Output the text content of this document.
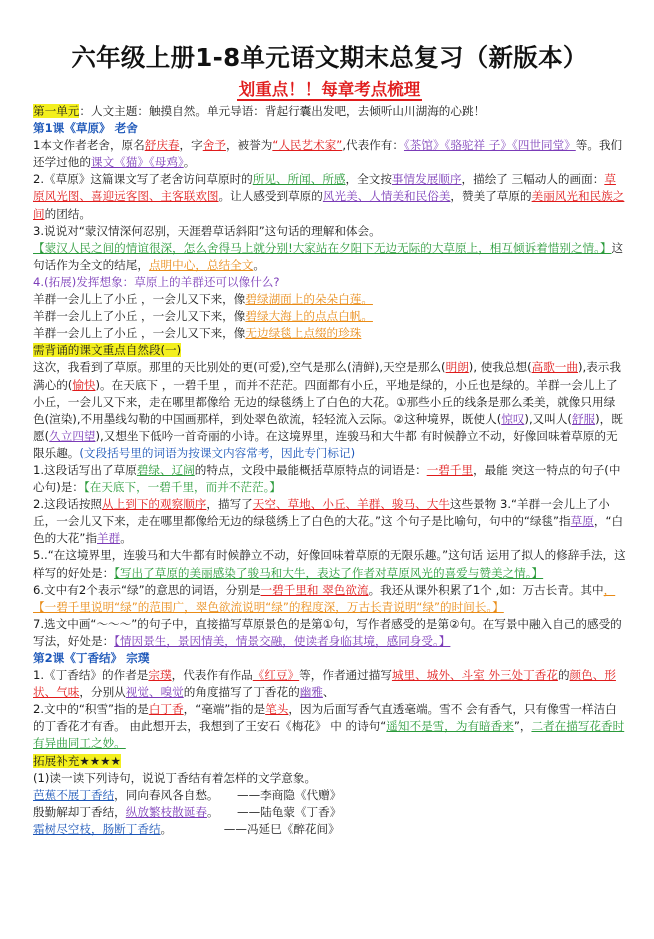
六年级上册1-8单元语文期末总复习（新版本）
划重点！！每章考点梳理

第一单元：人文主题：触摸自然。单元导语：背起行囊出发吧，去倾听山川湖海的心跳！

第1课《草原》 老舍

1本文作者老舍，原名舒庆春，字舍予，被誉为“人民艺术家”,代表作有：《茶馆》《骆驼祥 子》《四世同堂》等。我们还学过他的课文《猫》《母鸡》。

2.《草原》这篇课文写了老舍访问草原时的所见、所闻、所感，全文按事情发展顺序，描绘了 三幅动人的画面：草原风光图、喜迎远客图、主客联欢图。让人感受到草原的风光美、人情美和民俗美，赞美了草原的美丽风光和民族之间的团结。

3.说说对“蒙汉情深何忍别，天涯碧草话斜阳”这句话的理解和体会。
【蒙汉人民之间的情谊很深，怎么舍得马上就分别!大家站在夕阳下无边无际的大草原上，相互倾诉着惜别之情。】这句话作为全文的结尾，点明中心，总结全文。

4.(拓展)发挥想象：草原上的羊群还可以像什么?

羊群一会儿上了小丘 ，一会儿又下来，像碧绿湖面上的朵朵白莲。

羊群一会儿上了小丘 ，一会儿又下来，像碧绿大海上的点点白帆。

羊群一会儿上了小丘 ，一会儿又下来，像无边绿毯上点缀的珍珠

需背诵的课文重点自然段(一)

这次，我看到了草原。那里的天比别处的更(可爱),空气是那么(清鲜),天空是那么(明朗), 使我总想(高歌一曲),表示我满心的(愉快)。在天底下 ，一碧千里 ，而并不茫茫。四面都有小丘，平地是绿的，小丘也是绿的。羊群一会儿上了小丘，一会儿又下来，走在哪里都像给 无边的绿毯绣上了白色的大花。①那些小丘的线条是那么柔美，就像只用绿色(渲染),不用墨线勾勒的中国画那样，到处翠色欲流，轻轻流入云际。②这种境界，既使人(惊叹),又叫人(舒服)，既愿(久立四望),又想坐下低吟一首奇丽的小诗。在这境界里，连骏马和大牛都 有时候静立不动，好像回味着草原的无限乐趣。(文段括号里的词语为按课文内容常考，因此专门标记)

1.这段话写出了草原碧绿、辽阔的特点，文段中最能概括草原特点的词语是：一碧千里，最能 突这一特点的句子(中心句)是：【在天底下，一碧千里，而并不茫茫。】

2.这段话按照从上到下的观察顺序，描写了天空、草地、小丘、羊群、骏马、大牛这些景物 3.“羊群一会儿上了小丘，一会儿又下来，走在哪里都像给无边的绿毯绣上了白色的大花。”这 个句子是比喻句，句中的“绿毯”指草原，“白色的大花”指羊群。

5..“在这境界里，连骏马和大牛都有时候静立不动，好像回味着草原的无限乐趣。”这句话 运用了拟人的修辞手法，这样写的好处是：【写出了草原的美丽感染了骏马和大牛，表达了作者对草原风光的喜爱与赞美之情。】

6.文中有2个表示“绿”的意思的词语，分别是一碧千里和 翠色欲流。我还从课外积累了1个 ,如：万古长青。其中，【一碧千里说明“绿”的范围广，翠色欲流说明“绿”的程度深，万古长青说明“绿”的时间长。】

7.选文中画“～～～”的句子中，直接描写草原景色的是第①句，写作者感受的是第②句。在写景中融入自己的感受的写法，好处是：【情因景生，景因情美，情景交融，使读者身临其境，感同身受。】

第2课《丁香结》 宗璞

1.《丁香结》的作者是宗璞，代表作有作品《红豆》等，作者通过描写城里、城外、斗室 外三处丁香花的颜色、形状、气味，分别从视觉、嗅觉的角度描写了丁香花的幽雅、

2.文中的“积雪”指的是白丁香，“毫端”指的是笔头，因为后面写香气直透毫端。雪不 会有香气，只有像雪一样洁白的丁香花才有香。 由此想开去，我想到了王安石《梅花》 中 的诗句“遥知不是雪，为有暗香来”，二者在描写花香时有异曲同工之妙。

拓展补充★★★★

(1)读一读下列诗句，说说丁香结有着怎样的文学意象。

芭蕉不展丁香结，同向春风各自愁。 ——李商隐《代赠》

殷勤解却丁香结，纵放繁枝散诞春。 ——陆龟蒙《丁香》

霜树尽空枝，肠断丁香结。	——冯延巳《醉花间》
